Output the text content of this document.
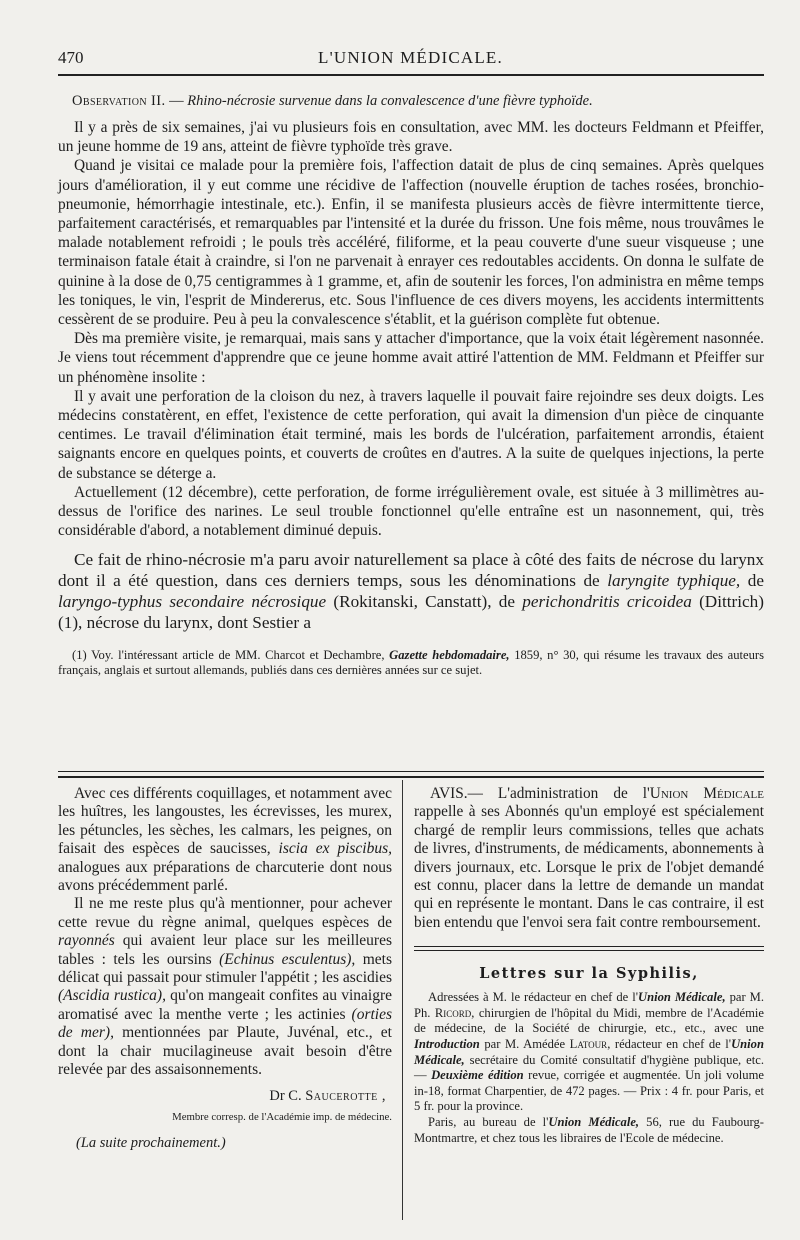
470	L'UNION MÉDICALE.
Observation II. — Rhino-nécrosie survenue dans la convalescence d'une fièvre typhoïde.

Il y a près de six semaines, j'ai vu plusieurs fois en consultation, avec MM. les docteurs Feldmann et Pfeiffer, un jeune homme de 19 ans, atteint de fièvre typhoïde très grave.

Quand je visitai ce malade pour la première fois, l'affection datait de plus de cinq semaines. Après quelques jours d'amélioration, il y eut comme une récidive de l'affection (nouvelle éruption de taches rosées, bronchio-pneumonie, hémorrhagie intestinale, etc.). Enfin, il se manifesta plusieurs accès de fièvre intermittente tierce, parfaitement caractérisés, et remarquables par l'intensité et la durée du frisson. Une fois même, nous trouvâmes le malade notablement refroidi ; le pouls très accéléré, filiforme, et la peau couverte d'une sueur visqueuse ; une terminaison fatale était à craindre, si l'on ne parvenait à enrayer ces redoutables accidents. On donna le sulfate de quinine à la dose de 0,75 centigrammes à 1 gramme, et, afin de soutenir les forces, l'on administra en même temps les toniques, le vin, l'esprit de Mindererus, etc. Sous l'influence de ces divers moyens, les accidents intermittents cessèrent de se produire. Peu à peu la convalescence s'établit, et la guérison complète fut obtenue.

Dès ma première visite, je remarquai, mais sans y attacher d'importance, que la voix était légèrement nasonnée. Je viens tout récemment d'apprendre que ce jeune homme avait attiré l'attention de MM. Feldmann et Pfeiffer sur un phénomène insolite :

Il y avait une perforation de la cloison du nez, à travers laquelle il pouvait faire rejoindre ses deux doigts. Les médecins constatèrent, en effet, l'existence de cette perforation, qui avait la dimension d'un pièce de cinquante centimes. Le travail d'élimination était terminé, mais les bords de l'ulcération, parfaitement arrondis, étaient saignants encore en quelques points, et couverts de croûtes en d'autres. A la suite de quelques injections, la perte de substance se déterge a.

Actuellement (12 décembre), cette perforation, de forme irrégulièrement ovale, est située à 3 millimètres au-dessus de l'orifice des narines. Le seul trouble fonctionnel qu'elle entraîne est un nasonnement, qui, très considérable d'abord, a notablement diminué depuis.

Ce fait de rhino-nécrosie m'a paru avoir naturellement sa place à côté des faits de nécrose du larynx dont il a été question, dans ces derniers temps, sous les dénominations de laryngite typhique, de laryngo-typhus secondaire nécrosique (Rokitanski, Canstatt), de perichondritis cricoidea (Dittrich) (1), nécrose du larynx, dont Sestier a

(1) Voy. l'intéressant article de MM. Charcot et Dechambre, Gazette hebdomadaire, 1859, n° 30, qui résume les travaux des auteurs français, anglais et surtout allemands, publiés dans ces dernières années sur ce sujet.

Avec ces différents coquillages, et notamment avec les huîtres, les langoustes, les écrevisses, les murex, les pétuncles, les sèches, les calmars, les peignes, on faisait des espèces de saucisses, iscia ex piscibus, analogues aux préparations de charcuterie dont nous avons précédemment parlé.

Il ne me reste plus qu'à mentionner, pour achever cette revue du règne animal, quelques espèces de rayonnés qui avaient leur place sur les meilleures tables : tels les oursins (Echinus esculentus), mets délicat qui passait pour stimuler l'appétit ; les ascidies (Ascidia rustica), qu'on mangeait confites au vinaigre aromatisé avec la menthe verte ; les actinies (orties de mer), mentionnées par Plaute, Juvénal, etc., et dont la chair mucilagineuse avait besoin d'être relevée par des assaisonnements.

Dr C. Saucerotte ,
Membre corresp. de l'Académie imp. de médecine.
(La suite prochainement.)

AVIS.— L'administration de l'Union Médicale rappelle à ses Abonnés qu'un employé est spécialement chargé de remplir leurs commissions, telles que achats de livres, d'instruments, de médicaments, abonnements à divers journaux, etc. Lorsque le prix de l'objet demandé est connu, placer dans la lettre de demande un mandat qui en représente le montant. Dans le cas contraire, il est bien entendu que l'envoi sera fait contre remboursement.

Lettres sur la Syphilis,

Adressées à M. le rédacteur en chef de l'Union Médicale, par M. Ph. Ricord, chirurgien de l'hôpital du Midi, membre de l'Académie de médecine, de la Société de chirurgie, etc., etc., avec une Introduction par M. Amédée Latour, rédacteur en chef de l'Union Médicale, secrétaire du Comité consultatif d'hygiène publique, etc. — Deuxième édition revue, corrigée et augmentée. Un joli volume in-18, format Charpentier, de 472 pages. — Prix : 4 fr. pour Paris, et 5 fr. pour la province.

Paris, au bureau de l'Union Médicale, 56, rue du Faubourg-Montmartre, et chez tous les libraires de l'Ecole de médecine.
